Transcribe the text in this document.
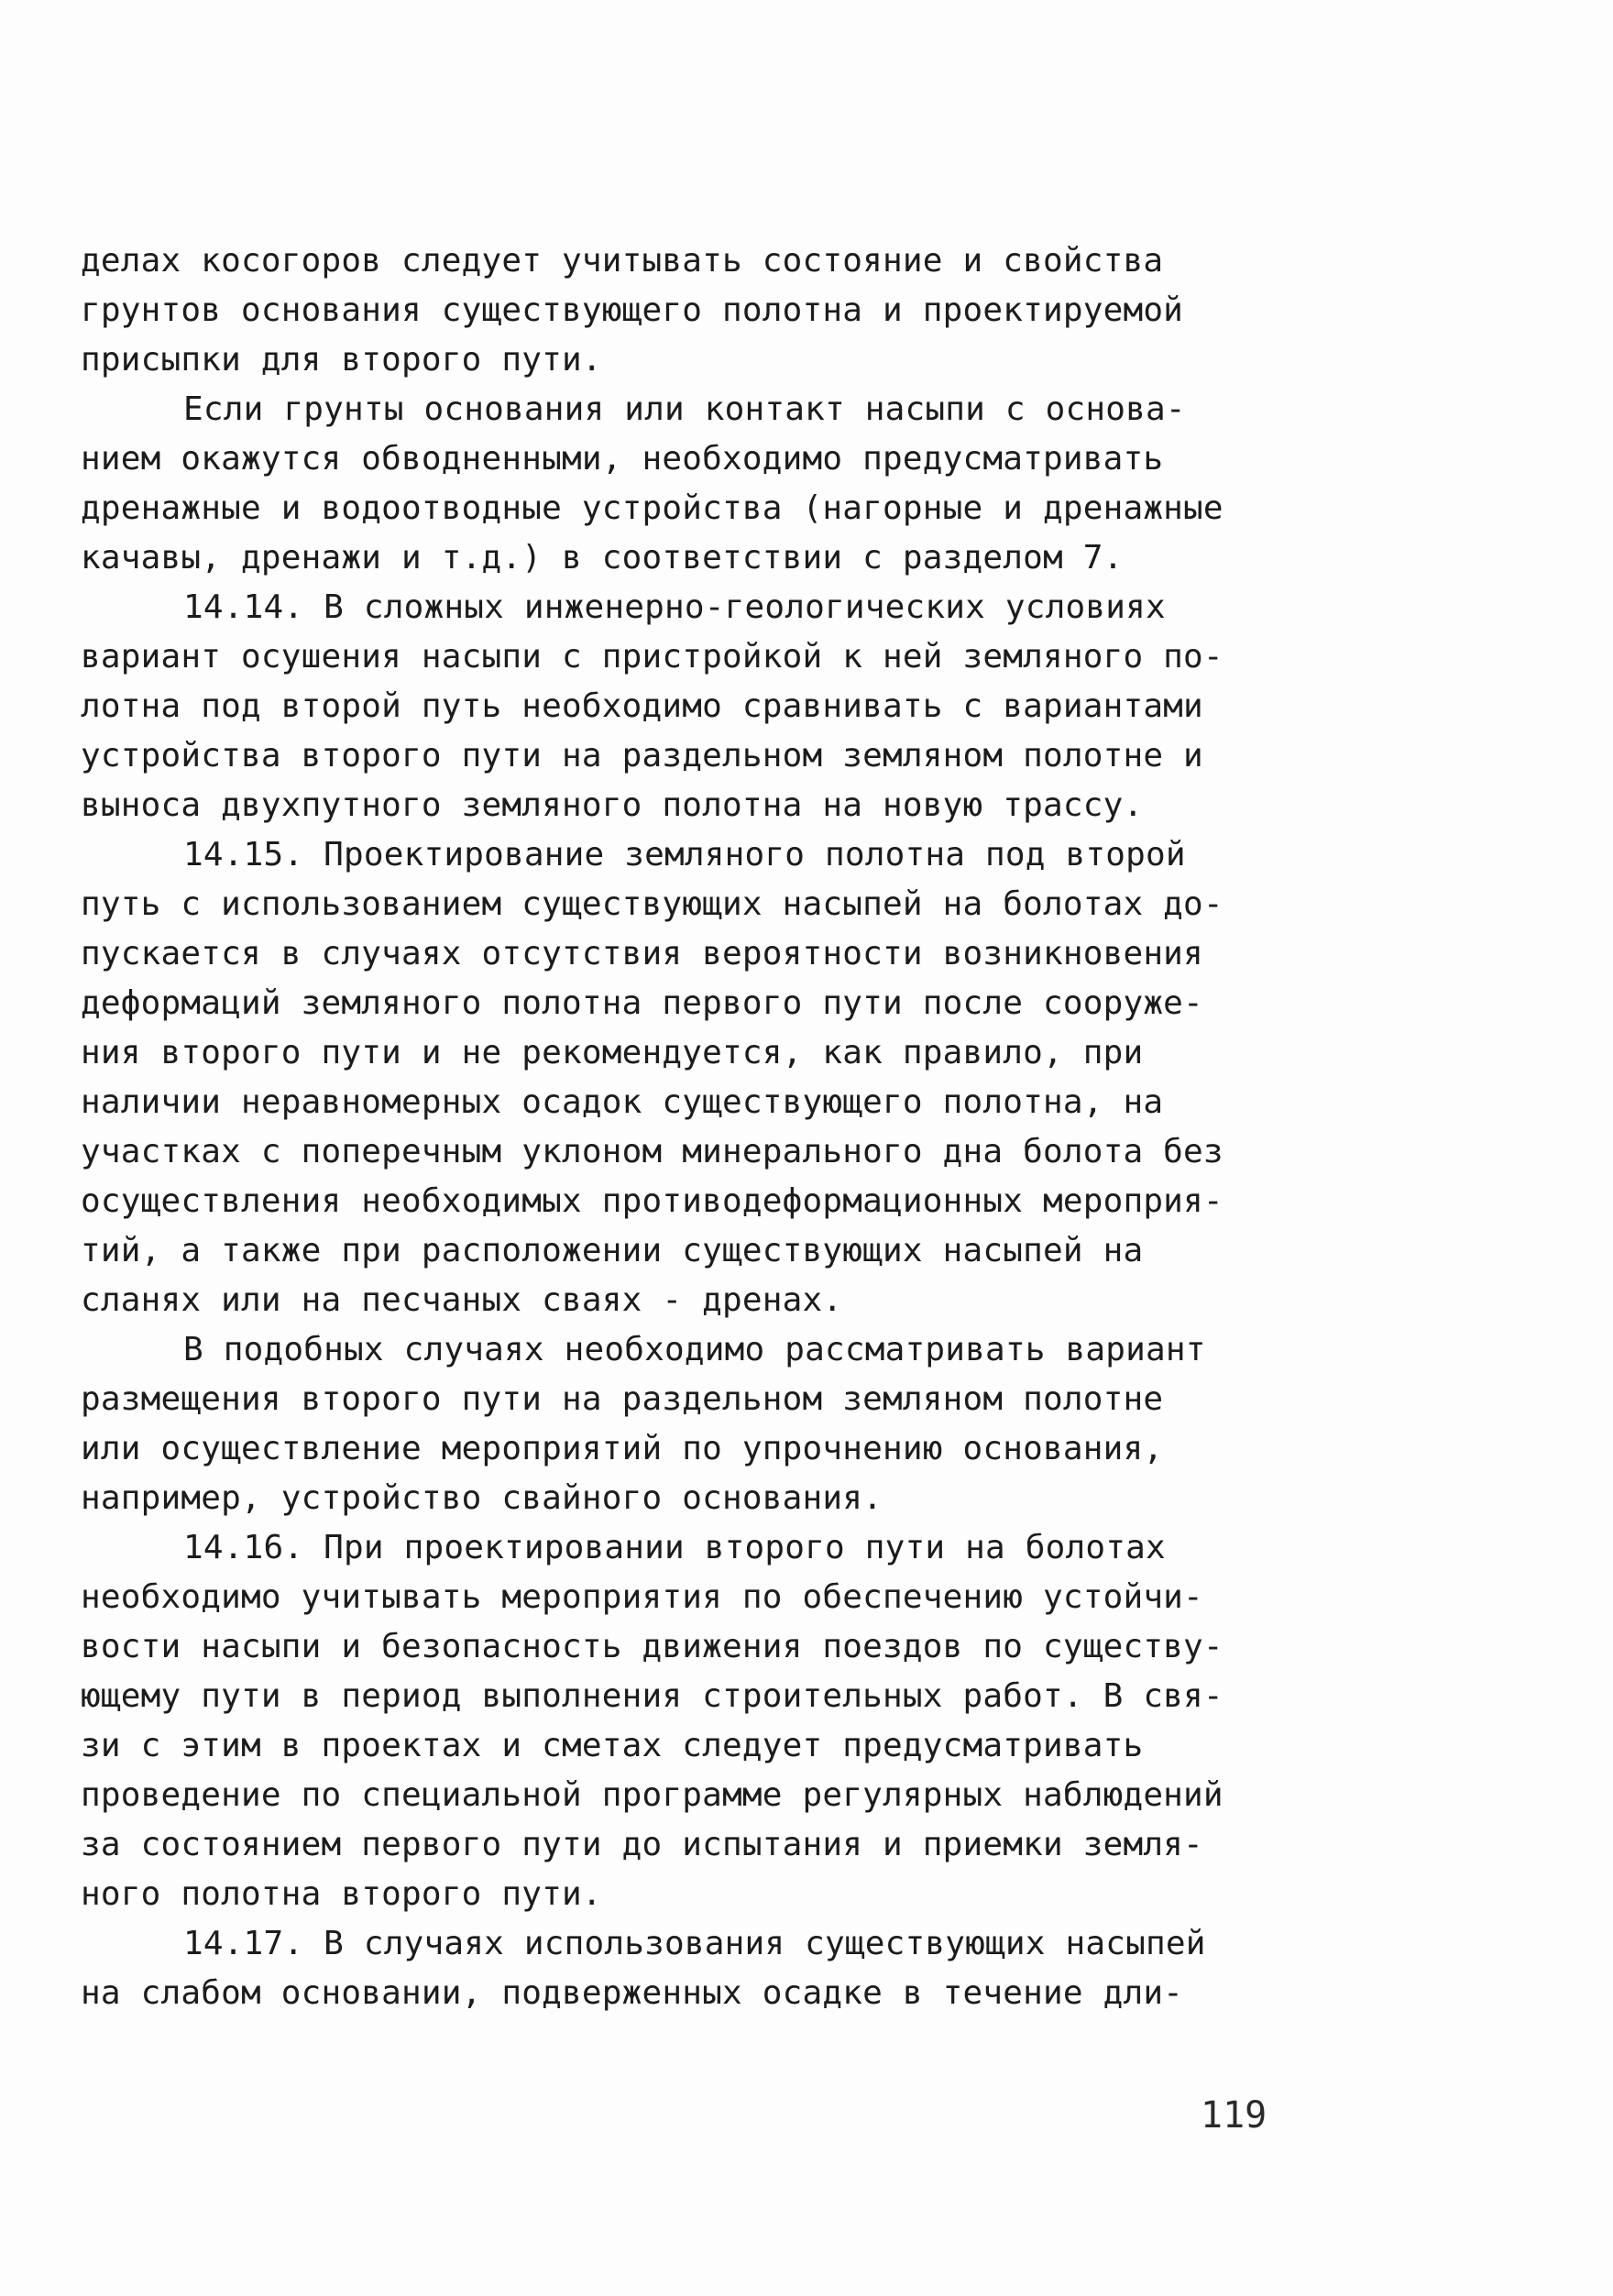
делах косогоров следует учитывать состояние и свойства
грунтов основания существующего полотна и проектируемой
присыпки для второго пути.
Если грунты основания или контакт насыпи с основа-
нием окажутся обводненными, необходимо предусматривать
дренажные и водоотводные устройства (нагорные и дренажные
качавы, дренажи и т.д.) в соответствии с разделом 7.
14.14. В сложных инженерно-геологических условиях
вариант осушения насыпи с пристройкой к ней земляного по-
лотна под второй путь необходимо сравнивать с вариантами
устройства второго пути на раздельном земляном полотне и
выноса двухпутного земляного полотна на новую трассу.
14.15. Проектирование земляного полотна под второй
путь с использованием существующих насыпей на болотах до-
пускается в случаях отсутствия вероятности возникновения
деформаций земляного полотна первого пути после сооруже-
ния второго пути и не рекомендуется, как правило, при
наличии неравномерных осадок существующего полотна, на
участках с поперечным уклоном минерального дна болота без
осуществления необходимых противодеформационных мероприя-
тий, а также при расположении существующих насыпей на
сланях или на песчаных сваях - дренах.
В подобных случаях необходимо рассматривать вариант
размещения второго пути на раздельном земляном полотне
или осуществление мероприятий по упрочнению основания,
например, устройство свайного основания.
14.16. При проектировании второго пути на болотах
необходимо учитывать мероприятия по обеспечению устойчи-
вости насыпи и безопасность движения поездов по существу-
ющему пути в период выполнения строительных работ. В свя-
зи с этим в проектах и сметах следует предусматривать
проведение по специальной программе регулярных наблюдений
за состоянием первого пути до испытания и приемки земля-
ного полотна второго пути.
14.17. В случаях использования существующих насыпей
на слабом основании, подверженных осадке в течение дли-
119
